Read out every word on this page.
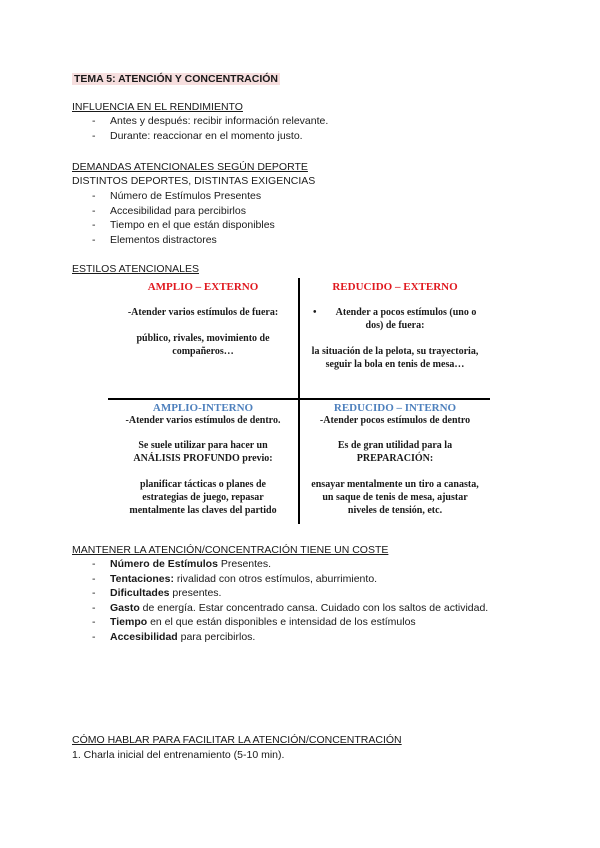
TEMA 5: ATENCIÓN Y CONCENTRACIÓN
INFLUENCIA EN EL RENDIMIENTO
- Antes y después: recibir información relevante.
- Durante: reaccionar en el momento justo.
DEMANDAS ATENCIONALES SEGÚN DEPORTE
DISTINTOS DEPORTES, DISTINTAS EXIGENCIAS
- Número de Estímulos Presentes
- Accesibilidad para percibirlos
- Tiempo en el que están disponibles
- Elementos distractores
ESTILOS ATENCIONALES
AMPLIO – EXTERNO
-Atender varios estímulos de fuera:
público, rivales, movimiento de
compañeros…
REDUCIDO – EXTERNO
•	Atender a pocos estímulos (uno o
dos) de fuera:
la situación de la pelota, su trayectoria,
seguir la bola en tenis de mesa…
AMPLIO-INTERNO
-Atender varios estímulos de dentro.
Se suele utilizar para hacer un
ANÁLISIS PROFUNDO previo:
planificar tácticas o planes de
estrategias de juego, repasar
mentalmente las claves del partido
REDUCIDO – INTERNO
-Atender pocos estímulos de dentro
Es de gran utilidad para la
PREPARACIÓN:
ensayar mentalmente un tiro a canasta,
un saque de tenis de mesa, ajustar
niveles de tensión, etc.
MANTENER LA ATENCIÓN/CONCENTRACIÓN TIENE UN COSTE
- Número de Estímulos Presentes.
- Tentaciones: rivalidad con otros estímulos, aburrimiento.
- Dificultades presentes.
- Gasto de energía. Estar concentrado cansa. Cuidado con los saltos de actividad.
- Tiempo en el que están disponibles e intensidad de los estímulos
- Accesibilidad para percibirlos.
CÓMO HABLAR PARA FACILITAR LA ATENCIÓN/CONCENTRACIÓN
1. Charla inicial del entrenamiento (5-10 min).
